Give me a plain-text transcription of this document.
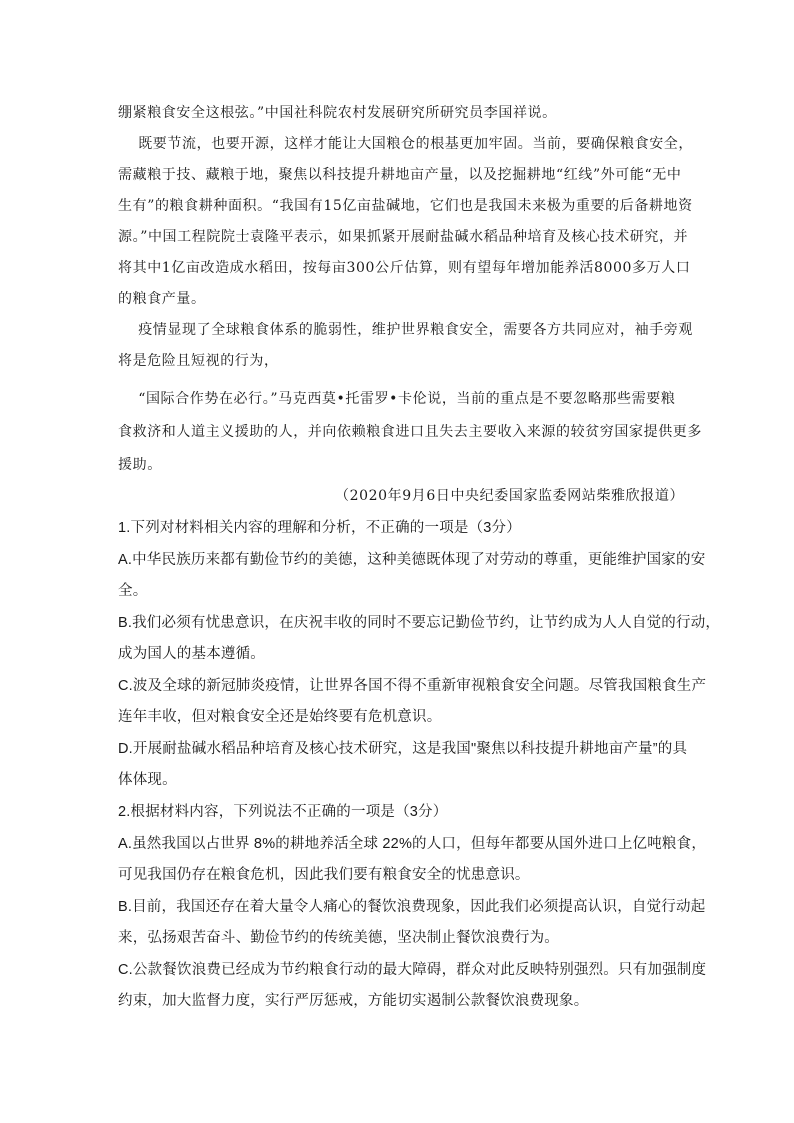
绷紧粮食安全这根弦。”中国社科院农村发展研究所研究员李国祥说。
既要节流，也要开源，这样才能让大国粮仓的根基更加牢固。当前，要确保粮食安全，
需藏粮于技、藏粮于地，聚焦以科技提升耕地亩产量，以及挖掘耕地“红线”外可能“无中
生有”的粮食耕种面积。“我国有15亿亩盐碱地，它们也是我国未来极为重要的后备耕地资
源。”中国工程院院士袁隆平表示，如果抓紧开展耐盐碱水稻品种培育及核心技术研究，并
将其中1亿亩改造成水稻田，按每亩300公斤估算，则有望每年增加能养活8000多万人口
的粮食产量。
疫情显现了全球粮食体系的脆弱性，维护世界粮食安全，需要各方共同应对，袖手旁观
将是危险且短视的行为，
“国际合作势在必行。”马克西莫•托雷罗•卡伦说，当前的重点是不要忽略那些需要粮
食救济和人道主义援助的人，并向依赖粮食进口且失去主要收入来源的较贫穷国家提供更多
援助。
（2020年9月6日中央纪委国家监委网站柴雅欣报道）
1.下列对材料相关内容的理解和分析，不正确的一项是（3分）
A.中华民族历来都有勤俭节约的美德，这种美德既体现了对劳动的尊重，更能维护国家的安
全。
B.我们必须有忧患意识，在庆祝丰收的同时不要忘记勤俭节约，让节约成为人人自觉的行动，
成为国人的基本遵循。
C.波及全球的新冠肺炎疫情，让世界各国不得不重新审视粮食安全问题。尽管我国粮食生产
连年丰收，但对粮食安全还是始终要有危机意识。
D.开展耐盐碱水稻品种培育及核心技术研究，这是我国"聚焦以科技提升耕地亩产量”的具
体体现。
2.根据材料内容，下列说法不正确的一项是（3分）
A.虽然我国以占世界 8%的耕地养活全球 22%的人口，但每年都要从国外进口上亿吨粮食，
可见我国仍存在粮食危机，因此我们要有粮食安全的忧患意识。
B.目前，我国还存在着大量令人痛心的餐饮浪费现象，因此我们必须提高认识，自觉行动起
来，弘扬艰苦奋斗、勤俭节约的传统美德，坚决制止餐饮浪费行为。
C.公款餐饮浪费已经成为节约粮食行动的最大障碍，群众对此反映特别强烈。只有加强制度
约束，加大监督力度，实行严厉惩戒，方能切实遏制公款餐饮浪费现象。
